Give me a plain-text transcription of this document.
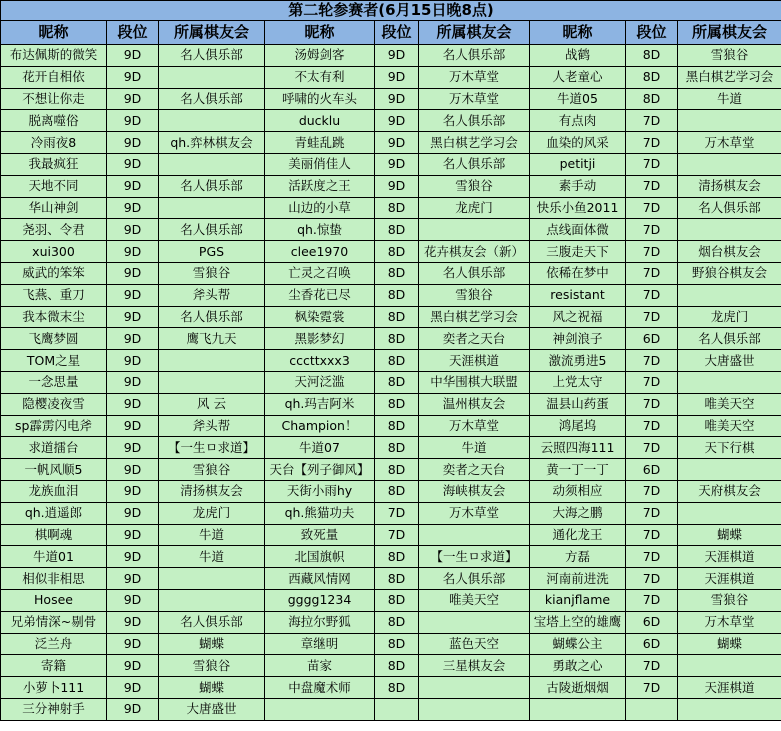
第二轮参赛者(6月15日晚8点)								
昵称	段位	所属棋友会	昵称	段位	所属棋友会	昵称	段位	所属棋友会
布达佩斯的微笑	9D	名人俱乐部	汤姆剑客	9D	名人俱乐部	战鹤	8D	雪狼谷
花开自相依	9D		不太有利	9D	万木草堂	人老童心	8D	黑白棋艺学习会
不想让你走	9D	名人俱乐部	呼啸的火车头	9D	万木草堂	牛道05	8D	牛道
脱离噬俗	9D		ducklu	9D	名人俱乐部	有点肉	7D	
冷雨夜8	9D	qh.弈林棋友会	青蛙乱跳	9D	黑白棋艺学习会	血染的风采	7D	万木草堂
我最疯狂	9D		美丽俏佳人	9D	名人俱乐部	petitji	7D	
天地不同	9D	名人俱乐部	活跃度之王	9D	雪狼谷	素手动	7D	清扬棋友会
华山神剑	9D		山边的小草	8D	龙虎门	快乐小鱼2011	7D	名人俱乐部
尧羽、令君	9D	名人俱乐部	qh.惊蛰	8D		点线面体微	7D	
xui300	9D	PGS	clee1970	8D	花卉棋友会（新）	三腹走天下	7D	烟台棋友会
威武的笨笨	9D	雪狼谷	亡灵之召唤	8D	名人俱乐部	依稀在梦中	7D	野狼谷棋友会
飞燕、重刀	9D	斧头帮	尘香花已尽	8D	雪狼谷	resistant	7D	
我本微末尘	9D	名人俱乐部	枫染霓裳	8D	黑白棋艺学习会	风之祝福	7D	龙虎门
飞鹰梦圆	9D	鹰飞九天	黑影梦幻	8D	奕者之天台	神剑浪子	6D	名人俱乐部
TOM之星	9D		cccttxxx3	8D	天涯棋道	激流勇进5	7D	大唐盛世
一念思量	9D		天河泛滥	8D	中华围棋大联盟	上党太守	7D	
隐樱凌夜雪	9D	风 云	qh.玛吉阿米	8D	温州棋友会	温县山药蛋	7D	唯美天空
sp霹雳闪电斧	9D	斧头帮	Champion！	8D	万木草堂	鸿尾坞	7D	唯美天空
求道擂台	9D	【一生ㅁ求道】	牛道07	8D	牛道	云照四海111	7D	天下行棋
一帆风顺5	9D	雪狼谷	天台【列子御风】	8D	奕者之天台	黄一丁一丁	6D	
龙族血泪	9D	清扬棋友会	天街小雨hy	8D	海峡棋友会	动须相应	7D	天府棋友会
qh.逍遥郎	9D	龙虎门	qh.熊猫功夫	7D	万木草堂	大海之鹏	7D	
棋啊魂	9D	牛道	致死量	7D		通化龙王	7D	蝴蝶
牛道01	9D	牛道	北国旗帜	8D	【一生ㅁ求道】	方磊	7D	天涯棋道
相似非相思	9D		西藏风情网	8D	名人俱乐部	河南前进洗	7D	天涯棋道
Hosee	9D		gggg1234	8D	唯美天空	kianjflame	7D	雪狼谷
兄弟情深~剔骨	9D	名人俱乐部	海拉尔野狐	8D		宝塔上空的雄鹰	6D	万木草堂
泛兰舟	9D	蝴蝶	章继明	8D	蓝色天空	蝴蝶公主	6D	蝴蝶
寄籍	9D	雪狼谷	苗家	8D	三星棋友会	勇敢之心	7D	
小萝卜111	9D	蝴蝶	中盘魔术师	8D		古陵逝烟烟	7D	天涯棋道
三分神射手	9D	大唐盛世						
